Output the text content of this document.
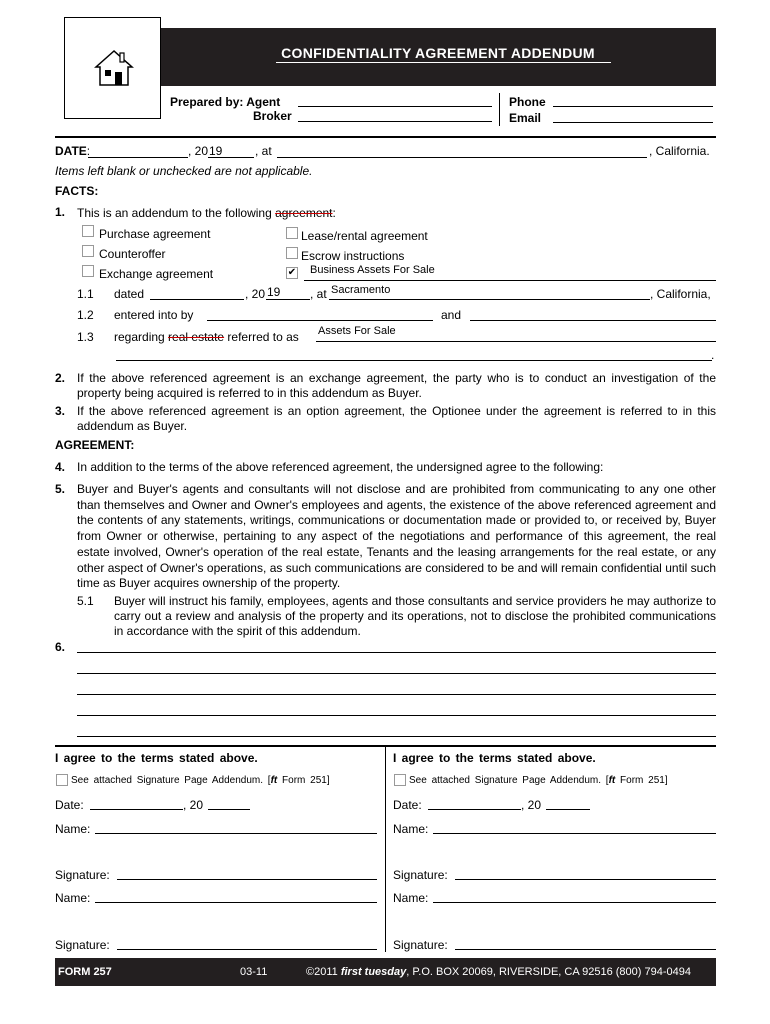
CONFIDENTIALITY AGREEMENT ADDENDUM
Prepared by: Agent
Broker
Phone
Email
DATE:	, 20 19	, at	, California.
Items left blank or unchecked are not applicable.
FACTS:
1. This is an addendum to the following agreement:
Purchase agreement
Counteroffer
Exchange agreement
Lease/rental agreement
Escrow instructions
✔ Business Assets For Sale
1.1 dated	, 20 19 , at Sacramento	, California,
1.2 entered into by	and
1.3 regarding real estate referred to as Assets For Sale
.
2. If the above referenced agreement is an exchange agreement, the party who is to conduct an investigation of the property being acquired is referred to in this addendum as Buyer.
3. If the above referenced agreement is an option agreement, the Optionee under the agreement is referred to in this addendum as Buyer.
AGREEMENT:
4. In addition to the terms of the above referenced agreement, the undersigned agree to the following:
5. Buyer and Buyer's agents and consultants will not disclose and are prohibited from communicating to any one other than themselves and Owner and Owner's employees and agents, the existence of the above referenced agreement and the contents of any statements, writings, communications or documentation made or provided to, or received by, Buyer from Owner or otherwise, pertaining to any aspect of the negotiations and performance of this agreement, the real estate involved, Owner's operation of the real estate, Tenants and the leasing arrangements for the real estate, or any other aspect of Owner's operations, as such communications are considered to be and will remain confidential until such time as Buyer acquires ownership of the property.
5.1 Buyer will instruct his family, employees, agents and those consultants and service providers he may authorize to carry out a review and analysis of the property and its operations, not to disclose the prohibited communications in accordance with the spirit of this addendum.
6.
I agree to the terms stated above.
See attached Signature Page Addendum. [ft Form 251]
Date:	, 20
Name:
Signature:
Name:
Signature:
I agree to the terms stated above.
See attached Signature Page Addendum. [ft Form 251]
Date:	, 20
Name:
Signature:
Name:
Signature:
FORM 257	03-11	©2011 first tuesday, P.O. BOX 20069, RIVERSIDE, CA 92516 (800) 794-0494
